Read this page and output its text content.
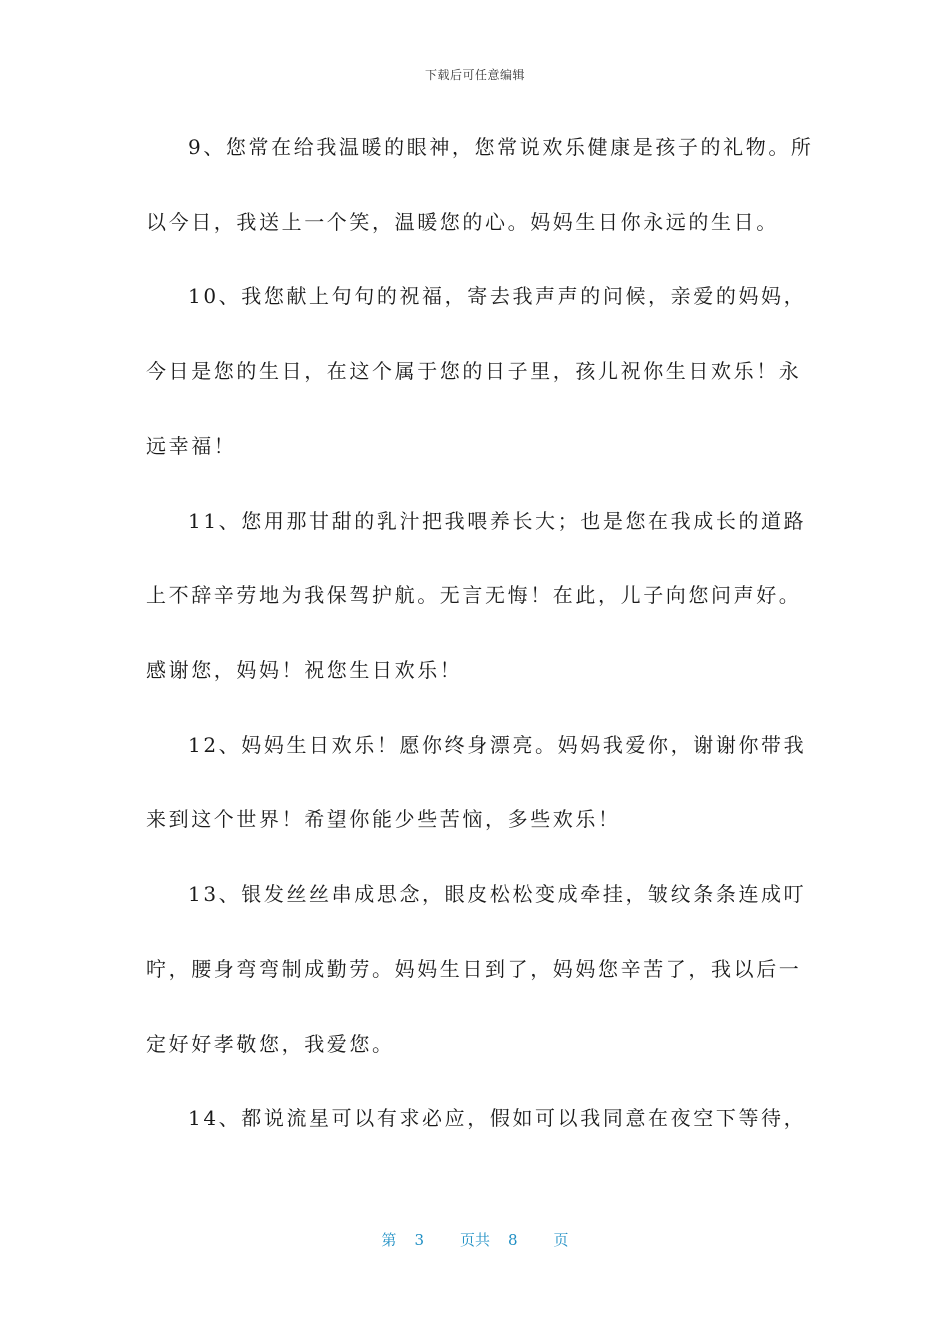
下载后可任意编辑
9、您常在给我温暖的眼神，您常说欢乐健康是孩子的礼物。所
以今日，我送上一个笑，温暖您的心。妈妈生日你永远的生日。
10、我您献上句句的祝福，寄去我声声的问候，亲爱的妈妈，
今日是您的生日，在这个属于您的日子里，孩儿祝你生日欢乐！永
远幸福！
11、您用那甘甜的乳汁把我喂养长大；也是您在我成长的道路
上不辞辛劳地为我保驾护航。无言无悔！在此，儿子向您问声好。
感谢您，妈妈！祝您生日欢乐！
12、妈妈生日欢乐！愿你终身漂亮。妈妈我爱你，谢谢你带我
来到这个世界！希望你能少些苦恼，多些欢乐！
13、银发丝丝串成思念，眼皮松松变成牵挂，皱纹条条连成叮
咛，腰身弯弯制成勤劳。妈妈生日到了，妈妈您辛苦了，我以后一
定好好孝敬您，我爱您。
14、都说流星可以有求必应，假如可以我同意在夜空下等待，
第 3 页共 8 页
